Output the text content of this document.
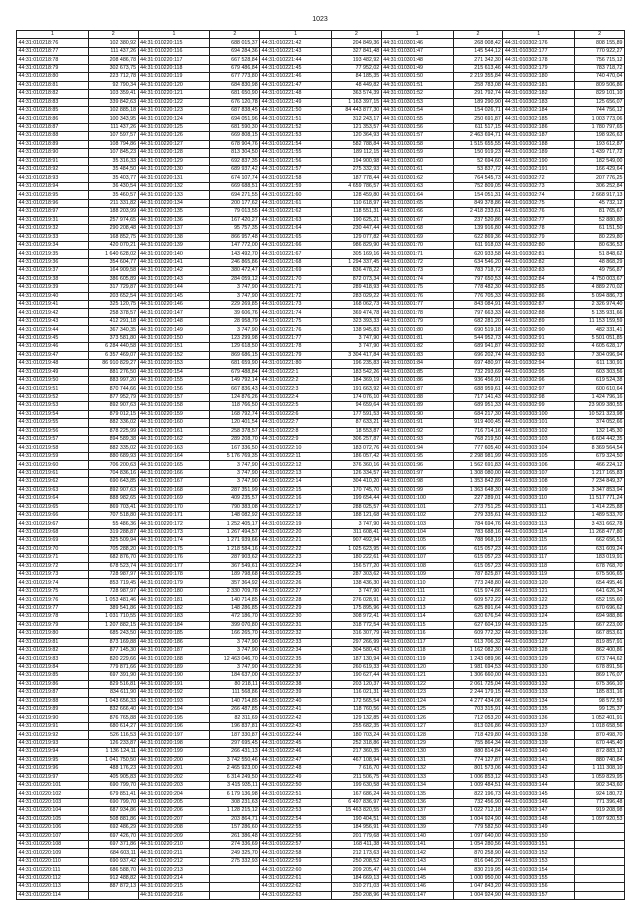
1023
1	2	1	2	1	2	1	2	1	2
44:31:010218:76	102 380,92	44:31:010220:115	688 015,37	44:31:010221:42	204 849,36	44:31:010301:46	268 008,42	44:31:010302:176	808 155,89
44:31:010218:77	111 437,26	44:31:010220:116	694 284,36	44:31:010221:43	327 841,48	44:31:010301:47	145 544,12	44:31:010302:177	770 922,27
44:31:010218:78	208 486,78	44:31:010220:117	667 528,84	44:31:010221:44	193 482,92	44:31:010301:48	271 342,30	44:31:010302:178	756 715,12
44:31:010218:79	302 673,75	44:31:010220:118	679 486,84	44:31:010221:45	77 952,02	44:31:010301:49	215 613,46	44:31:010302:179	783 718,72
44:31:010218:80	223 712,78	44:31:010220:119	677 773,80	44:31:010221:46	84 185,35	44:31:010301:50	2 219 355,84	44:31:010302:180	740 470,04
44:31:010218:81	92 790,34	44:31:010220:120	684 830,98	44:31:010221:47	48 449,82	44:31:010301:51	258 783,08	44:31:010302:181	809 506,86
44:31:010218:82	103 359,41	44:31:010220:121	681 650,90	44:31:010221:48	363 574,39	44:31:010301:52	291 792,74	44:31:010302:182	829 101,10
44:31:010218:83	339 842,63	44:31:010220:122	676 120,78	44:31:010221:49	1 163 397,15	44:31:010301:53	189 290,90	44:31:010302:183	125 656,07
44:31:010218:85	102 885,18	44:31:010220:123	687 838,45	44:31:010221:50	84 443 877,30	44:31:010301:54	154 026,71	44:31:010302:184	744 756,12
44:31:010218:86	100 343,95	44:31:010220:124	694 051,96	44:31:010221:51	312 243,17	44:31:010301:55	250 691,87	44:31:010302:185	1 003 773,06
44:31:010218:87	111 437,26	44:31:010220:125	681 590,30	44:31:010221:52	121 353,57	44:31:010301:56	611 517,15	44:31:010302:186	1 780 797,65
44:31:010218:88	107 597,57	44:31:010220:126	669 808,15	44:31:010221:53	120 364,93	44:31:010301:57	2 463 694,71	44:31:010302:187	198 926,63
44:31:010218:89	108 794,86	44:31:010220:127	678 904,76	44:31:010221:54	582 788,84	44:31:010301:58	1 515 655,55	44:31:010302:188	193 612,87
44:31:010218:90	107 845,23	44:31:010220:128	813 304,50	44:31:010221:55	189 112,15	44:31:010301:59	150 919,23	44:31:010302:189	1 439 717,72
44:31:010218:91	35 316,33	44:31:010220:129	692 837,35	44:31:010221:56	194 900,98	44:31:010301:60	52 694,60	44:31:010302:190	182 549,00
44:31:010218:92	35 484,50	44:31:010220:130	689 937,42	44:31:010221:57	275 332,93	44:31:010301:61	53 837,72	44:31:010302:191	166 429,64
44:31:010218:93	35 403,77	44:31:010220:131	674 107,74	44:31:010221:58	187 778,44	44:31:010301:62	764 545,73	44:31:010302:72	207 776,25
44:31:010218:94	36 430,54	44:31:010220:132	669 688,51	44:31:010221:59	4 659 786,57	44:31:010301:63	752 809,05	44:31:010302:73	306 252,84
44:31:010218:95	35 460,57	44:31:010220:133	694 271,55	44:31:010221:60	128 459,80	44:31:010301:64	154 051,31	44:31:010302:74	2 668 917,13
44:31:010218:96	211 331,82	44:31:010220:134	200 177,62	44:31:010221:61	110 618,97	44:31:010301:65	849 378,86	44:31:010302:75	45 732,12
44:31:010218:97	188 203,99	44:31:010220:135	79 013,55	44:31:010221:62	118 551,31	44:31:010301:66	2 418 233,61	44:31:010302:76	81 765,67
44:31:010219:31	257 974,65	44:31:010220:136	167 420,27	44:31:010221:63	190 625,21	44:31:010301:67	237 520,86	44:31:010302:77	52 880,80
44:31:010219:32	290 208,48	44:31:010220:137	95 757,35	44:31:010221:64	230 447,44	44:31:010301:68	139 916,80	44:31:010302:78	61 151,50
44:31:010219:33	168 852,75	44:31:010220:138	866 957,48	44:31:010221:65	129 077,82	44:31:010301:69	622 869,36	44:31:010302:79	80 229,80
44:31:010219:34	420 070,21	44:31:010220:139	147 772,00	44:31:010221:66	986 829,90	44:31:010301:70	611 918,03	44:31:010302:80	80 636,53
44:31:010219:35	1 640 628,02	44:31:010220:140	143 492,70	44:31:010221:67	305 169,16	44:31:010301:71	620 933,58	44:31:010302:81	51 848,62
44:31:010219:36	354 604,77	44:31:010220:141	246 865,86	44:31:010221:68	1 294 337,45	44:31:010301:72	634 546,20	44:31:010302:82	48 868,29
44:31:010219:37	164 909,58	44:31:010220:142	380 472,47	44:31:010221:69	836 478,22	44:31:010301:73	783 718,72	44:31:010302:83	49 756,87
44:31:010219:38	386 605,89	44:31:010220:143	284 059,12	44:31:010221:70	872 073,34	44:31:010301:74	797 650,53	44:31:010302:84	4 750 003,67
44:31:010219:39	317 729,87	44:31:010220:144	3 747,90	44:31:010221:71	289 418,93	44:31:010301:75	778 482,30	44:31:010302:85	4 889 270,02
44:31:010219:40	203 652,54	44:31:010220:145	3 747,90	44:31:010221:72	283 029,22	44:31:010301:76	776 705,33	44:31:010302:86	5 094 886,73
44:31:010219:41	325 120,75	44:31:010220:146	229 269,85	44:31:010221:73	168 062,73	44:31:010301:77	843 084,91	44:31:010302:87	2 326 974,40
44:31:010219:42	258 378,57	44:31:010220:147	39 606,76	44:31:010221:74	369 474,78	44:31:010301:78	797 663,33	44:31:010302:88	5 135 931,66
44:31:010219:43	412 291,18	44:31:010220:148	28 958,79	44:31:010221:75	323 393,33	44:31:010301:79	682 281,20	44:31:010302:89	11 153 159,59
44:31:010219:44	367 340,35	44:31:010220:149	3 747,90	44:31:010221:76	138 945,83	44:31:010301:80	690 519,18	44:31:010302:90	482 331,41
44:31:010219:45	373 581,80	44:31:010220:150	123 299,98	44:31:010221:77	3 747,90	44:31:010301:81	544 952,73	44:31:010302:91	5 501 051,85
44:31:010219:46	6 284 440,58	44:31:010220:151	129 618,50	44:31:010221:78	3 747,90	44:31:010301:82	689 941,87	44:31:010302:92	4 605 628,17
44:31:010219:47	6 357 469,07	44:31:010220:152	869 686,15	44:31:010221:79	3 304 417,84	44:31:010301:83	696 202,74	44:31:010302:93	7 304 096,94
44:31:010219:48	86 910 829,27	44:31:010220:153	681 659,90	44:31:010221:80	196 235,83	44:31:010301:84	697 480,97	44:31:010302:94	611 130,91
44:31:010219:49	881 276,50	44:31:010220:154	679 488,84	44:31:010222:1	183 542,26	44:31:010301:85	732 293,69	44:31:010302:95	603 303,56
44:31:010219:50	883 997,20	44:31:010220:155	149 792,14	44:31:010222:2	184 369,19	44:31:010301:86	936 456,91	44:31:010302:96	619 524,38
44:31:010219:51	870 744,66	44:31:010220:156	667 836,43	44:31:010222:3	191 663,92	44:31:010301:87	688 959,61	44:31:010302:97	600 610,64
44:31:010219:52	877 952,79	44:31:010220:157	124 876,26	44:31:010222:4	174 076,10	44:31:010301:88	717 141,43	44:31:010302:98	1 424 796,16
44:31:010219:53	892 907,63	44:31:010220:158	118 766,50	44:31:010222:5	94 659,64	44:31:010301:89	689 951,33	44:31:010302:99	23 909 380,55
44:31:010219:54	879 012,15	44:31:010220:159	168 792,74	44:31:010222:6	177 591,53	44:31:010301:90	684 217,30	44:31:010303:100	10 521 323,98
44:31:010219:55	882 336,02	44:31:010220:160	120 401,54	44:31:010222:7	87 633,21	44:31:010301:91	919 400,45	44:31:010303:101	374 052,66
44:31:010219:56	878 225,99	44:31:010220:161	258 378,57	44:31:010222:8	18 553,87	44:31:010301:92	716 714,16	44:31:010303:102	132 145,30
44:31:010219:57	894 589,38	44:31:010220:162	289 208,70	44:31:010222:9	306 257,87	44:31:010301:93	768 219,50	44:31:010303:103	6 604 442,35
44:31:010219:58	882 335,02	44:31:010220:163	167 336,50	44:31:010222:10	183 072,76	44:31:010301:94	777 605,40	44:31:010303:104	8 369 564,54
44:31:010219:59	880 689,93	44:31:010220:164	5 176 769,35	44:31:010222:11	186 057,42	44:31:010301:95	2 298 981,99	44:31:010303:105	679 324,50
44:31:010219:60	706 200,63	44:31:010220:165	3 747,90	44:31:010222:12	376 360,16	44:31:010301:96	1 562 691,83	44:31:010303:106	466 224,12
44:31:010219:61	704 836,16	44:31:010220:166	3 747,90	44:31:010222:13	126 334,57	44:31:010301:97	1 308 080,00	44:31:010303:107	1 217 165,83
44:31:010219:62	690 643,85	44:31:010220:167	3 747,90	44:31:010222:14	304 410,20	44:31:010301:98	1 353 842,89	44:31:010303:108	7 234 849,37
44:31:010219:63	892 907,63	44:31:010220:168	287 351,99	44:31:010222:15	170 745,70	44:31:010301:99	1 363 648,30	44:31:010303:109	3 347 853,94
44:31:010219:64	888 982,65	44:31:010220:169	409 235,57	44:31:010222:16	199 654,44	44:31:010301:100	227 289,01	44:31:010303:110	11 517 771,24
44:31:010219:65	869 703,41	44:31:010220:170	790 383,08	44:31:010222:17	288 025,57	44:31:010301:101	273 751,25	44:31:010303:111	1 414 225,88
44:31:010219:66	707 518,80	44:31:010220:171	148 082,92	44:31:010222:18	188 121,68	44:31:010301:102	279 335,61	44:31:010303:112	1 489 533,70
44:31:010219:67	55 486,36	44:31:010220:172	1 252 405,17	44:31:010222:19	3 747,90	44:31:010301:103	784 694,76	44:31:010303:113	3 431 662,78
44:31:010219:68	319 288,87	44:31:010220:173	1 267 494,57	44:31:010222:20	311 608,41	44:31:010301:104	783 688,16	44:31:010303:114	11 268 477,80
44:31:010219:69	325 509,94	44:31:010220:174	1 271 939,66	44:31:010222:21	907 492,94	44:31:010301:105	788 968,19	44:31:010303:115	662 656,51
44:31:010219:70	705 288,20	44:31:010220:175	1 218 584,16	44:31:010222:22	1 025 623,95	44:31:010301:106	615 057,23	44:31:010303:116	631 609,24
44:31:010219:71	682 876,70	44:31:010220:176	287 903,62	44:31:010222:23	180 222,61	44:31:010301:107	615 057,23	44:31:010303:117	183 019,91
44:31:010219:72	678 523,74	44:31:010220:177	367 549,61	44:31:010222:24	156 577,20	44:31:010301:108	615 057,23	44:31:010303:118	678 768,70
44:31:010219:73	728 987,97	44:31:010220:178	189 798,68	44:31:010222:25	287 303,62	44:31:010301:109	787 825,87	44:31:010303:119	675 506,65
44:31:010219:74	853 719,45	44:31:010220:179	357 364,92	44:31:010222:26	138 436,30	44:31:010301:110	773 248,80	44:31:010303:120	654 495,46
44:31:010219:75	728 987,97	44:31:010220:180	2 330 709,78	44:31:010222:27	3 747,90	44:31:010301:111	615 974,86	44:31:010303:121	641 626,34
44:31:010219:76	1 053 481,46	44:31:010220:181	140 714,85	44:31:010222:28	276 028,91	44:31:010301:112	609 572,22	44:31:010303:122	652 155,60
44:31:010219:77	389 541,86	44:31:010220:182	148 286,85	44:31:010222:29	175 895,96	44:31:010301:113	625 891,64	44:31:010303:123	670 696,62
44:31:010219:78	1 031 710,55	44:31:010220:183	472 186,70	44:31:010222:30	308 972,41	44:31:010301:114	620 676,54	44:31:010303:124	694 988,86
44:31:010219:79	1 207 882,15	44:31:010220:184	399 070,80	44:31:010222:31	318 772,54	44:31:010301:115	627 604,19	44:31:010303:125	667 223,00
44:31:010219:80	685 243,50	44:31:010220:185	166 265,70	44:31:010222:32	316 307,79	44:31:010301:116	609 772,32	44:31:010303:126	667 853,61
44:31:010219:81	873 169,88	44:31:010220:186	3 747,90	44:31:010222:33	297 266,99	44:31:010301:117	613 706,32	44:31:010303:127	819 857,91
44:31:010219:82	877 145,30	44:31:010220:187	3 747,90	44:31:010222:34	304 580,43	44:31:010301:118	1 162 082,30	44:31:010303:128	862 400,86
44:31:010219:83	820 229,66	44:31:010220:188	12 463 046,70	44:31:010222:35	187 130,94	44:31:010301:119	1 243 089,96	44:31:010303:129	673 744,62
44:31:010219:84	779 871,66	44:31:010220:189	3 747,90	44:31:010222:36	260 619,33	44:31:010301:120	1 981 694,53	44:31:010303:130	678 891,56
44:31:010219:85	697 391,90	44:31:010220:190	184 637,00	44:31:010222:37	190 627,44	44:31:010301:121	1 306 660,00	44:31:010303:131	869 176,07
44:31:010219:86	829 516,81	44:31:010220:191	80 218,11	44:31:010222:38	203 120,37	44:31:010301:122	2 061 725,04	44:31:010303:132	675 366,10
44:31:010219:87	834 611,90	44:31:010220:192	111 568,86	44:31:010222:39	116 021,31	44:31:010301:123	2 244 179,15	44:31:010303:133	185 831,16
44:31:010219:88	1 043 656,33	44:31:010220:193	140 714,85	44:31:010222:40	172 565,54	44:31:010301:124	4 277 434,06	44:31:010303:134	98 572,59
44:31:010219:89	832 666,40	44:31:010220:194	266 487,85	44:31:010222:41	118 760,56	44:31:010301:125	703 315,91	44:31:010303:135	99 125,37
44:31:010219:90	876 765,88	44:31:010220:195	82 311,69	44:31:010222:42	129 132,85	44:31:010301:126	712 053,20	44:31:010303:136	1 052 401,91
44:31:010219:91	680 614,27	44:31:010220:196	196 837,81	44:31:010222:43	255 682,35	44:31:010301:127	813 026,86	44:31:010303:137	1 018 658,56
44:31:010219:92	526 116,53	44:31:010220:197	187 330,87	44:31:010222:44	180 703,24	44:31:010301:128	718 429,80	44:31:010303:138	870 498,70
44:31:010219:93	126 233,87	44:31:010220:198	297 695,45	44:31:010222:45	252 318,86	44:31:010301:129	755 864,34	44:31:010303:139	670 445,40
44:31:010219:94	1 136 124,11	44:31:010220:199	266 431,13	44:31:010222:46	217 360,35	44:31:010301:130	880 814,84	44:31:010303:140	872 883,12
44:31:010219:95	1 041 750,50	44:31:010220:200	3 742 550,46	44:31:010222:47	467 108,94	44:31:010301:131	774 127,87	44:31:010303:141	880 740,84
44:31:010219:96	488 176,23	44:31:010220:201	2 465 923,00	44:31:010222:48	7 616,70	44:31:010301:132	801 573,06	44:31:010303:142	1 111 308,10
44:31:010219:97	405 905,83	44:31:010220:202	6 314 249,50	44:31:010222:49	211 506,75	44:31:010301:133	1 006 853,12	44:31:010303:143	1 059 829,95
44:31:010220:101	690 799,70	44:31:010220:203	3 415 935,11	44:31:010222:50	199 630,58	44:31:010301:134	1 009 484,51	44:31:010303:144	902 343,60
44:31:010220:102	679 851,41	44:31:010220:204	6 179 136,98	44:31:010222:51	167 686,24	44:31:010301:135	822 196,73	44:31:010303:145	924 180,72
44:31:010220:103	690 799,70	44:31:010220:205	308 231,63	44:31:010222:52	6 497 836,97	44:31:010301:136	732 456,90	44:31:010303:146	771 396,48
44:31:010220:104	687 934,86	44:31:010220:206	1 128 215,12	44:31:010222:53	15 463 820,55	44:31:010301:137	1 022 712,18	44:31:010303:147	919 208,98
44:31:010220:105	508 881,86	44:31:010220:207	203 864,71	44:31:010222:54	190 404,51	44:31:010301:138	1 004 924,90	44:31:010303:148	1 097 920,53
44:31:010220:106	692 486,29	44:31:010220:208	157 286,60	44:31:010222:55	184 956,91	44:31:010301:139	779 582,50	44:31:010303:149	
44:31:010220:107	697 426,70	44:31:010220:209	261 386,48	44:31:010222:56	201 779,68	44:31:010301:140	1 097 640,00	44:31:010303:150	
44:31:010220:108	697 371,86	44:31:010220:210	274 336,69	44:31:010222:57	168 411,38	44:31:010301:141	1 054 280,56	44:31:010303:151	
44:31:010220:109	684 603,11	44:31:010220:211	249 325,70	44:31:010222:58	212 173,63	44:31:010301:142	870 258,90	44:31:010303:152	
44:31:010220:110	690 937,42	44:31:010220:212	275 332,93	44:31:010222:59	250 208,52	44:31:010301:143	816 046,20	44:31:010303:153	
44:31:010220:111	686 588,70	44:31:010220:213		44:31:010222:60	209 205,47	44:31:010301:144	830 219,95	44:31:010303:154	
44:31:010220:112	912 488,82	44:31:010220:214		44:31:010222:61	184 669,13	44:31:010301:145	1 000 950,00	44:31:010303:155	
44:31:010220:113	887 872,13	44:31:010220:215		44:31:010222:62	310 271,03	44:31:010301:146	1 047 843,20	44:31:010303:156	
44:31:010220:114		44:31:010220:216		44:31:010222:63	250 208,96	44:31:010301:147	1 004 924,90	44:31:010303:157	
